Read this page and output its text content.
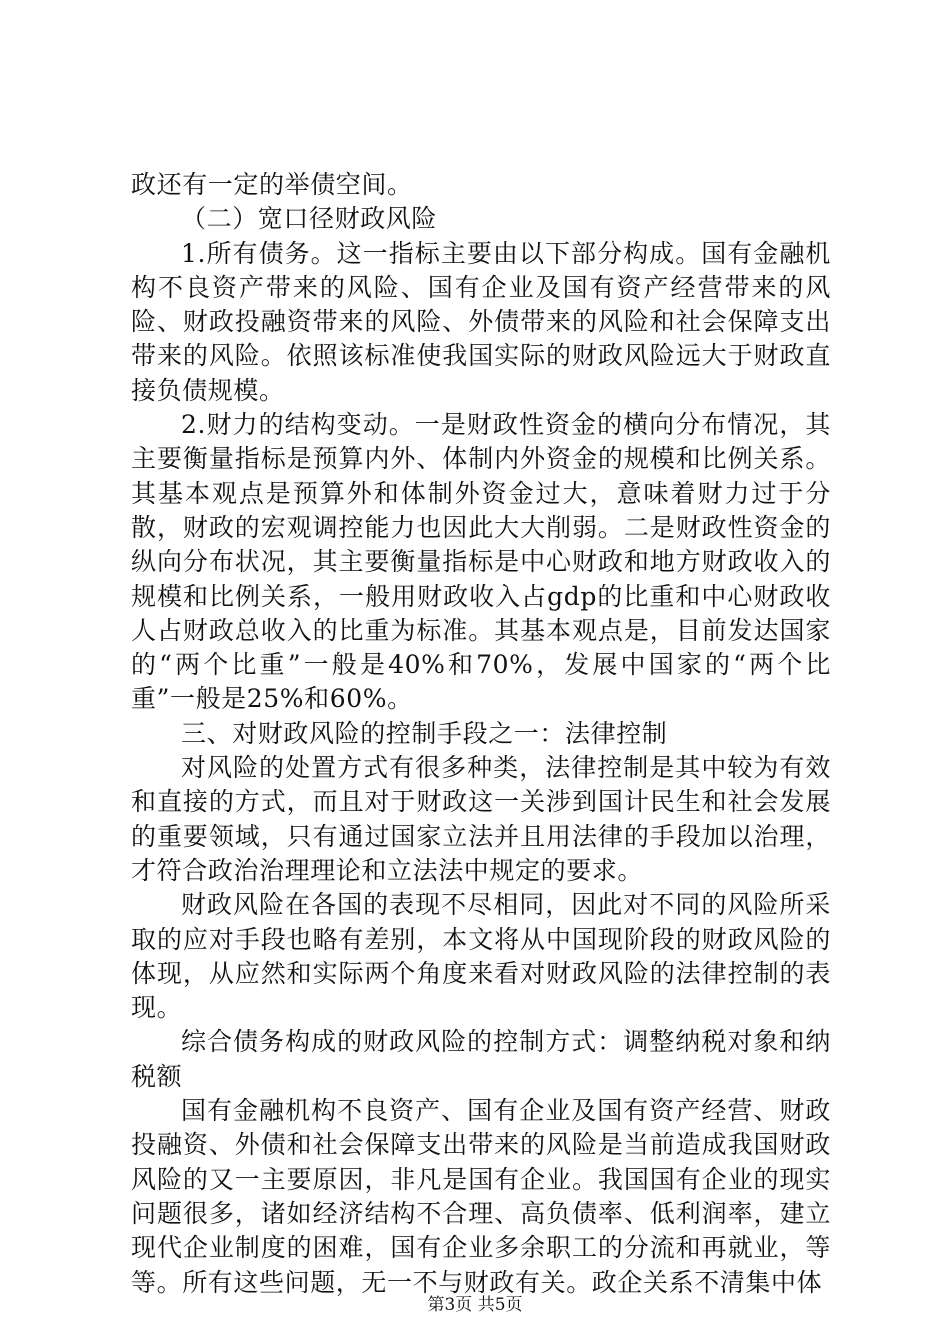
政还有一定的举债空间。

（二）宽口径财政风险

1.所有债务。这一指标主要由以下部分构成。国有金融机构不良资产带来的风险、国有企业及国有资产经营带来的风险、财政投融资带来的风险、外债带来的风险和社会保障支出带来的风险。依照该标准使我国实际的财政风险远大于财政直接负债规模。

2.财力的结构变动。一是财政性资金的横向分布情况，其主要衡量指标是预算内外、体制内外资金的规模和比例关系。其基本观点是预算外和体制外资金过大，意味着财力过于分散，财政的宏观调控能力也因此大大削弱。二是财政性资金的纵向分布状况，其主要衡量指标是中心财政和地方财政收入的规模和比例关系，一般用财政收入占gdp的比重和中心财政收人占财政总收入的比重为标准。其基本观点是，目前发达国家的“两个比重”一般是40%和70%，发展中国家的“两个比重”一般是25%和60%。

三、对财政风险的控制手段之一：法律控制

对风险的处置方式有很多种类，法律控制是其中较为有效和直接的方式，而且对于财政这一关涉到国计民生和社会发展的重要领域，只有通过国家立法并且用法律的手段加以治理，才符合政治治理理论和立法法中规定的要求。

财政风险在各国的表现不尽相同，因此对不同的风险所采取的应对手段也略有差别，本文将从中国现阶段的财政风险的体现，从应然和实际两个角度来看对财政风险的法律控制的表现。

综合债务构成的财政风险的控制方式：调整纳税对象和纳税额

国有金融机构不良资产、国有企业及国有资产经营、财政投融资、外债和社会保障支出带来的风险是当前造成我国财政风险的又一主要原因，非凡是国有企业。我国国有企业的现实问题很多，诸如经济结构不合理、高负债率、低利润率，建立现代企业制度的困难，国有企业多余职工的分流和再就业，等等。所有这些问题，无一不与财政有关。政企关系不清集中体

第3页 共5页
